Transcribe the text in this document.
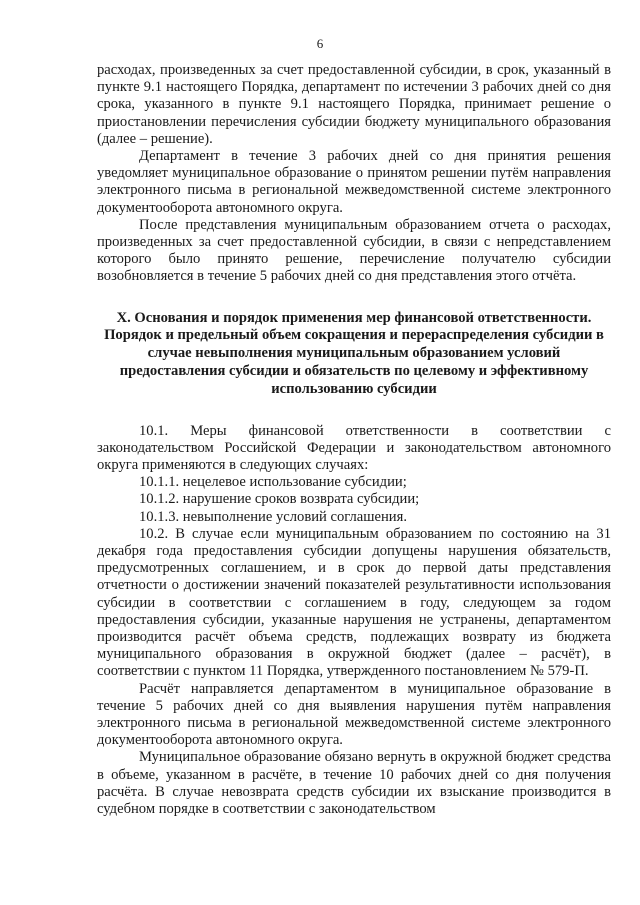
6

расходах, произведенных за счет предоставленной субсидии, в срок, указанный в пункте 9.1 настоящего Порядка, департамент по истечении 3 рабочих дней со дня срока, указанного в пункте 9.1 настоящего Порядка, принимает решение о приостановлении перечисления субсидии бюджету муниципального образования (далее – решение).

Департамент в течение 3 рабочих дней со дня принятия решения уведомляет муниципальное образование о принятом решении путём направления электронного письма в региональной межведомственной системе электронного документооборота автономного округа.

После представления муниципальным образованием отчета о расходах, произведенных за счет предоставленной субсидии, в связи с непредставлением которого было принято решение, перечисление получателю субсидии возобновляется в течение 5 рабочих дней со дня представления этого отчёта.

X. Основания и порядок применения мер финансовой ответственности. Порядок и предельный объем сокращения и перераспределения субсидии в случае невыполнения муниципальным образованием условий предоставления субсидии и обязательств по целевому и эффективному использованию субсидии

10.1. Меры финансовой ответственности в соответствии с законодательством Российской Федерации и законодательством автономного округа применяются в следующих случаях:

10.1.1. нецелевое использование субсидии;

10.1.2. нарушение сроков возврата субсидии;

10.1.3. невыполнение условий соглашения.

10.2. В случае если муниципальным образованием по состоянию на 31 декабря года предоставления субсидии допущены нарушения обязательств, предусмотренных соглашением, и в срок до первой даты представления отчетности о достижении значений показателей результативности использования субсидии в соответствии с соглашением в году, следующем за годом предоставления субсидии, указанные нарушения не устранены, департаментом производится расчёт объема средств, подлежащих возврату из бюджета муниципального образования в окружной бюджет (далее – расчёт), в соответствии с пунктом 11 Порядка, утвержденного постановлением № 579-П.

Расчёт направляется департаментом в муниципальное образование в течение 5 рабочих дней со дня выявления нарушения путём направления электронного письма в региональной межведомственной системе электронного документооборота автономного округа.

Муниципальное образование обязано вернуть в окружной бюджет средства в объеме, указанном в расчёте, в течение 10 рабочих дней со дня получения расчёта. В случае невозврата средств субсидии их взыскание производится в судебном порядке в соответствии с законодательством
